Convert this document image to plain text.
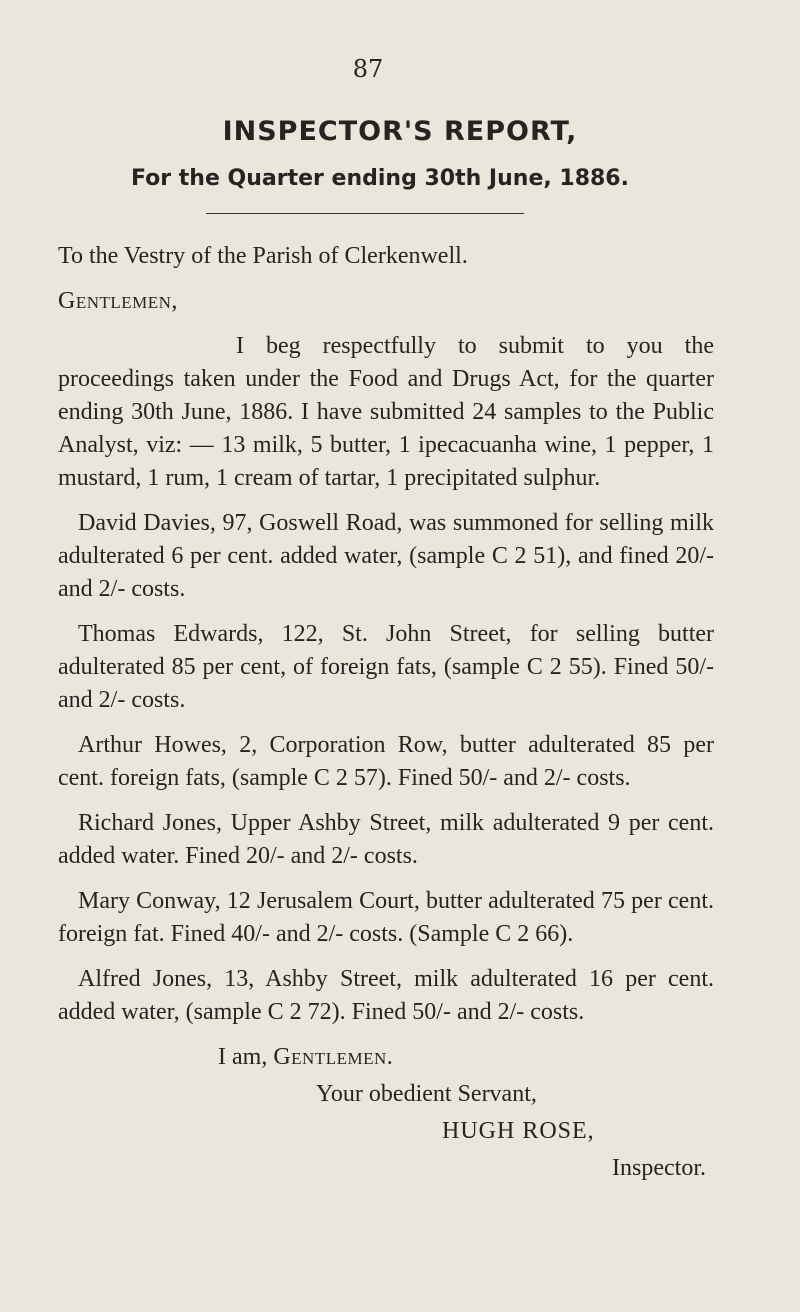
87
INSPECTOR'S REPORT,
For the Quarter ending 30th June, 1886.

To the Vestry of the Parish of Clerkenwell.

Gentlemen,

I beg respectfully to submit to you the proceedings taken under the Food and Drugs Act, for the quarter ending 30th June, 1886. I have submitted 24 samples to the Public Analyst, viz: — 13 milk, 5 butter, 1 ipecacuanha wine, 1 pepper, 1 mustard, 1 rum, 1 cream of tartar, 1 precipitated sulphur.

David Davies, 97, Goswell Road, was summoned for selling milk adulterated 6 per cent. added water, (sample C 2 51), and fined 20/- and 2/- costs.

Thomas Edwards, 122, St. John Street, for selling butter adulterated 85 per cent, of foreign fats, (sample C 2 55). Fined 50/- and 2/- costs.

Arthur Howes, 2, Corporation Row, butter adulterated 85 per cent. foreign fats, (sample C 2 57). Fined 50/- and 2/- costs.

Richard Jones, Upper Ashby Street, milk adulterated 9 per cent. added water. Fined 20/- and 2/- costs.

Mary Conway, 12 Jerusalem Court, butter adulterated 75 per cent. foreign fat. Fined 40/- and 2/- costs. (Sample C 2 66).

Alfred Jones, 13, Ashby Street, milk adulterated 16 per cent. added water, (sample C 2 72). Fined 50/- and 2/- costs.

I am, Gentlemen.

Your obedient Servant,

HUGH ROSE,

Inspector.
